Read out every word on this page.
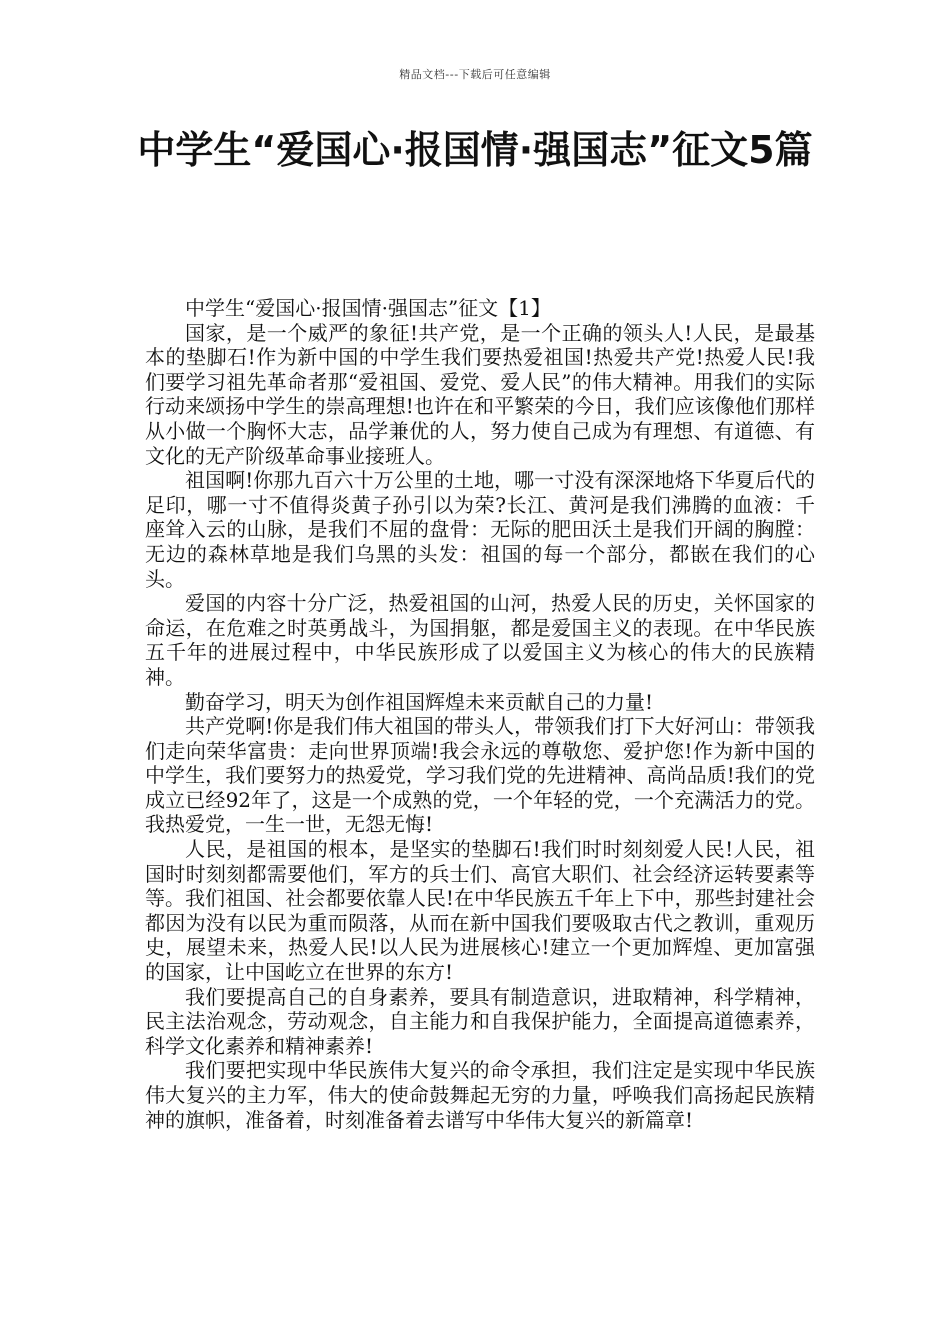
精品文档---下载后可任意编辑
中学生“爱国心·报国情·强国志”征文5篇
中学生“爱国心·报国情·强国志”征文【1】

国家，是一个威严的象征!共产党，是一个正确的领头人!人民，是最基本的垫脚石!作为新中国的中学生我们要热爱祖国!热爱共产党!热爱人民!我们要学习祖先革命者那“爱祖国、爱党、爱人民”的伟大精神。用我们的实际行动来颂扬中学生的崇高理想!也许在和平繁荣的今日，我们应该像他们那样从小做一个胸怀大志，品学兼优的人，努力使自己成为有理想、有道德、有文化的无产阶级革命事业接班人。

祖国啊!你那九百六十万公里的土地，哪一寸没有深深地烙下华夏后代的足印，哪一寸不值得炎黄子孙引以为荣?长江、黄河是我们沸腾的血液：千座耸入云的山脉，是我们不屈的盘骨：无际的肥田沃土是我们开阔的胸膛：无边的森林草地是我们乌黑的头发：祖国的每一个部分，都嵌在我们的心头。

爱国的内容十分广泛，热爱祖国的山河，热爱人民的历史，关怀国家的命运，在危难之时英勇战斗，为国捐躯，都是爱国主义的表现。在中华民族五千年的进展过程中，中华民族形成了以爱国主义为核心的伟大的民族精神。

勤奋学习，明天为创作祖国辉煌未来贡献自己的力量!

共产党啊!你是我们伟大祖国的带头人，带领我们打下大好河山：带领我们走向荣华富贵：走向世界顶端!我会永远的尊敬您、爱护您!作为新中国的中学生，我们要努力的热爱党，学习我们党的先进精神、高尚品质!我们的党成立已经92年了，这是一个成熟的党，一个年轻的党，一个充满活力的党。我热爱党，一生一世，无怨无悔!

人民，是祖国的根本，是坚实的垫脚石!我们时时刻刻爱人民!人民，祖国时时刻刻都需要他们，军方的兵士们、高官大职们、社会经济运转要素等等。我们祖国、社会都要依靠人民!在中华民族五千年上下中，那些封建社会都因为没有以民为重而陨落，从而在新中国我们要吸取古代之教训，重观历史，展望未来，热爱人民!以人民为进展核心!建立一个更加辉煌、更加富强的国家，让中国屹立在世界的东方!

我们要提高自己的自身素养，要具有制造意识，进取精神，科学精神，民主法治观念，劳动观念，自主能力和自我保护能力，全面提高道德素养，科学文化素养和精神素养!

我们要把实现中华民族伟大复兴的命令承担，我们注定是实现中华民族伟大复兴的主力军，伟大的使命鼓舞起无穷的力量，呼唤我们高扬起民族精神的旗帜，准备着，时刻准备着去谱写中华伟大复兴的新篇章!
